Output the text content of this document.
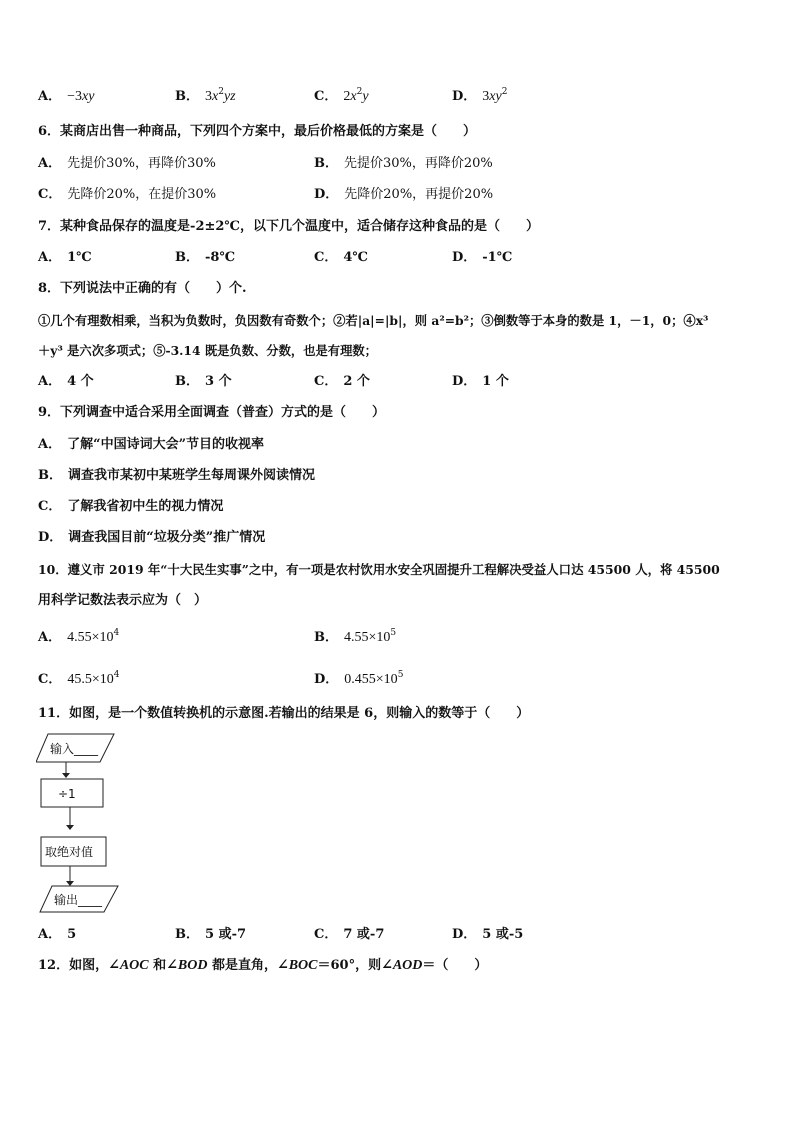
A． −3xy	B． $3x^2yz$	C． $2x^2y$	D． $3xy^2$
6．某商店出售一种商品，下列四个方案中，最后价格最低的方案是（　　）
A． 先提价30%，再降价30%	B． 先提价30%，再降价20%
C． 先降价20%，在提价30%	D． 先降价20%，再提价20%
7．某种食品保存的温度是-2±2℃，以下几个温度中，适合储存这种食品的是（　　）
A． 1℃	B． -8℃	C． 4℃	D． -1℃
8．下列说法中正确的有（　　）个.
①几个有理数相乘，当积为负数时，负因数有奇数个；②若|a|=|b|，则 a²=b²；③倒数等于本身的数是 1，－1，0；④x³
＋y³ 是六次多项式；⑤-3.14 既是负数、分数，也是有理数；
A． 4 个	B． 3 个	C． 2 个	D． 1 个
9．下列调查中适合采用全面调查（普查）方式的是（　　）
A． 了解“中国诗词大会”节目的收视率
B． 调查我市某初中某班学生每周课外阅读情况
C． 了解我省初中生的视力情况
D． 调查我国目前“垃圾分类”推广情况
10．遵义市 2019 年“十大民生实事”之中，有一项是农村饮用水安全巩固提升工程解决受益人口达 45500 人，将 45500
用科学记数法表示应为（　）
A． $4.55\times 10^4$	B． $4.55\times 10^5$
C． $45.5\times 10^4$	D． $0.455\times 10^5$
11．如图，是一个数值转换机的示意图.若输出的结果是 6，则输入的数等于（　　）
输入____
÷1
取绝对值
输出____
A． 5	B． 5 或-7	C． 7 或-7	D． 5 或-5
12．如图，∠AOC 和∠BOD 都是直角，∠BOC＝60°，则∠AOD＝（　　）
